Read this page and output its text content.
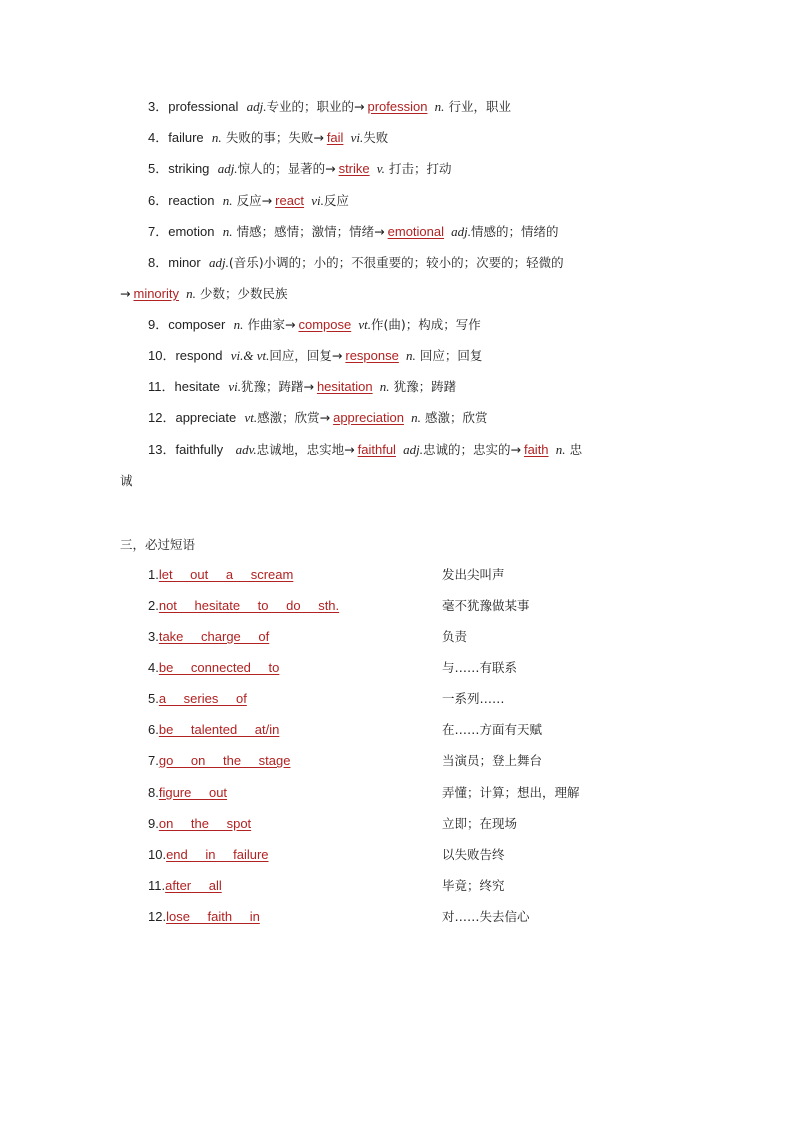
3．professional adj.专业的；职业的→ profession n. 行业，职业
4．failure n. 失败的事；失败→ fail vi.失败
5．striking adj.惊人的；显著的→ strike v. 打击；打动
6．reaction n. 反应→ react vi.反应
7．emotion n. 情感；感情；激情；情绪→ emotional adj.情感的；情绪的
8．minor adj.(音乐)小调的；小的；不很重要的；较小的；次要的；轻微的
→ minority n. 少数；少数民族
9．composer n. 作曲家→ compose vt.作(曲)；构成；写作
10．respond vi.& vt.回应，回复→ response n. 回应；回复
11．hesitate vi.犹豫；踌躇→ hesitation n. 犹豫；踌躇
12．appreciate vt.感激；欣赏→ appreciation n. 感激；欣赏
13．faithfully adv.忠诚地，忠实地→ faithful adj.忠诚的；忠实的→ faith n. 忠
诚
三，必过短语
1.let out a scream	发出尖叫声
2.not hesitate to do sth.	毫不犹豫做某事
3.take charge of	负责
4.be connected to	与……有联系
5.a series of	一系列……
6.be talented at/in	在……方面有天赋
7.go on the stage	当演员；登上舞台
8.figure out	弄懂；计算；想出，理解
9.on the spot	立即；在现场
10.end in failure	以失败告终
11.after all	毕竟；终究
12.lose faith in	对……失去信心
